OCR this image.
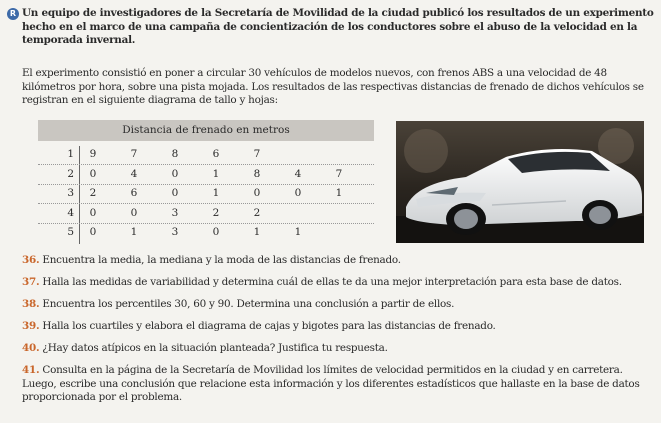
R Un equipo de investigadores de la Secretaría de Movilidad de la ciudad publicó los resultados de un experimento hecho en el marco de una campaña de concientización de los conductores sobre el abuso de la velocidad en la temporada invernal.

El experimento consistió en poner a circular 30 vehículos de modelos nuevos, con frenos ABS a una velocidad de 48 kilómetros por hora, sobre una pista mojada. Los resultados de las respectivas distancias de frenado de dichos vehículos se registran en el siguiente diagrama de tallo y hojas:

Distancia de frenado en metros
1	9	7	8	6	7
2	0	4	0	1	8	4	7
3	2	6	0	1	0	0	1
4	0	0	3	2	2
5	0	1	3	0	1	1
36. Encuentra la media, la mediana y la moda de las distancias de frenado.
37. Halla las medidas de variabilidad y determina cuál de ellas te da una mejor interpretación para esta base de datos.
38. Encuentra los percentiles 30, 60 y 90. Determina una conclusión a partir de ellos.
39. Halla los cuartiles y elabora el diagrama de cajas y bigotes para las distancias de frenado.
40. ¿Hay datos atípicos en la situación planteada? Justifica tu respuesta.
41. Consulta en la página de la Secretaría de Movilidad los límites de velocidad permitidos en la ciudad y en carretera. Luego, escribe una conclusión que relacione esta información y los diferentes estadísticos que hallaste en la base de datos proporcionada por el problema.
